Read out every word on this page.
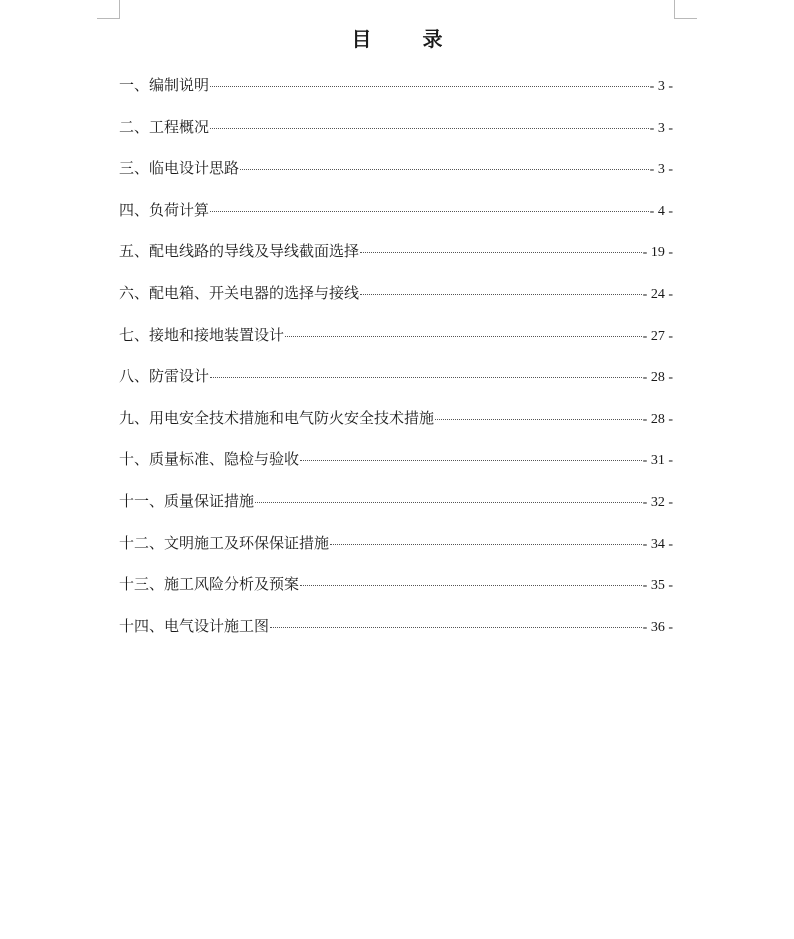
目 录
一、编制说明	- 3 -
二、工程概况	- 3 -
三、临电设计思路	- 3 -
四、负荷计算	- 4 -
五、配电线路的导线及导线截面选择	- 19 -
六、配电箱、开关电器的选择与接线	- 24 -
七、接地和接地装置设计	- 27 -
八、防雷设计	- 28 -
九、用电安全技术措施和电气防火安全技术措施	- 28 -
十、质量标准、隐检与验收	- 31 -
十一、质量保证措施	- 32 -
十二、文明施工及环保保证措施	- 34 -
十三、施工风险分析及预案	- 35 -
十四、电气设计施工图	- 36 -
